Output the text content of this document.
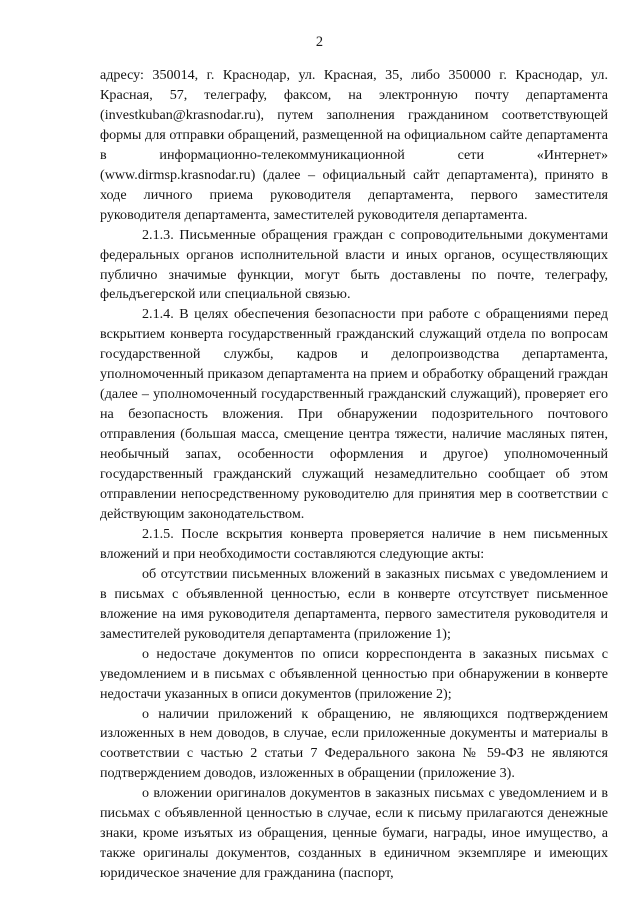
2

адресу: 350014, г. Краснодар, ул. Красная, 35, либо 350000 г. Краснодар, ул. Красная, 57, телеграфу, факсом, на электронную почту департамента (investkuban@krasnodar.ru), путем заполнения гражданином соответствующей формы для отправки обращений, размещенной на официальном сайте департамента в информационно-телекоммуникационной сети «Интернет» (www.dirmsp.krasnodar.ru) (далее – официальный сайт департамента), принято в ходе личного приема руководителя департамента, первого заместителя руководителя департамента, заместителей руководителя департамента.

2.1.3. Письменные обращения граждан с сопроводительными документами федеральных органов исполнительной власти и иных органов, осуществляющих публично значимые функции, могут быть доставлены по почте, телеграфу, фельдъегерской или специальной связью.

2.1.4. В целях обеспечения безопасности при работе с обращениями перед вскрытием конверта государственный гражданский служащий отдела по вопросам государственной службы, кадров и делопроизводства департамента, уполномоченный приказом департамента на прием и обработку обращений граждан (далее – уполномоченный государственный гражданский служащий), проверяет его на безопасность вложения. При обнаружении подозрительного почтового отправления (большая масса, смещение центра тяжести, наличие масляных пятен, необычный запах, особенности оформления и другое) уполномоченный государственный гражданский служащий незамедлительно сообщает об этом отправлении непосредственному руководителю для принятия мер в соответствии с действующим законодательством.

2.1.5. После вскрытия конверта проверяется наличие в нем письменных вложений и при необходимости составляются следующие акты:

об отсутствии письменных вложений в заказных письмах с уведомлением и в письмах с объявленной ценностью, если в конверте отсутствует письменное вложение на имя руководителя департамента, первого заместителя руководителя и заместителей руководителя департамента (приложение 1);

о недостаче документов по описи корреспондента в заказных письмах с уведомлением и в письмах с объявленной ценностью при обнаружении в конверте недостачи указанных в описи документов (приложение 2);

о наличии приложений к обращению, не являющихся подтверждением изложенных в нем доводов, в случае, если приложенные документы и материалы в соответствии с частью 2 статьи 7 Федерального закона № 59-ФЗ не являются подтверждением доводов, изложенных в обращении (приложение 3).

о вложении оригиналов документов в заказных письмах с уведомлением и в письмах с объявленной ценностью в случае, если к письму прилагаются денежные знаки, кроме изъятых из обращения, ценные бумаги, награды, иное имущество, а также оригиналы документов, созданных в единичном экземпляре и имеющих юридическое значение для гражданина (паспорт,
